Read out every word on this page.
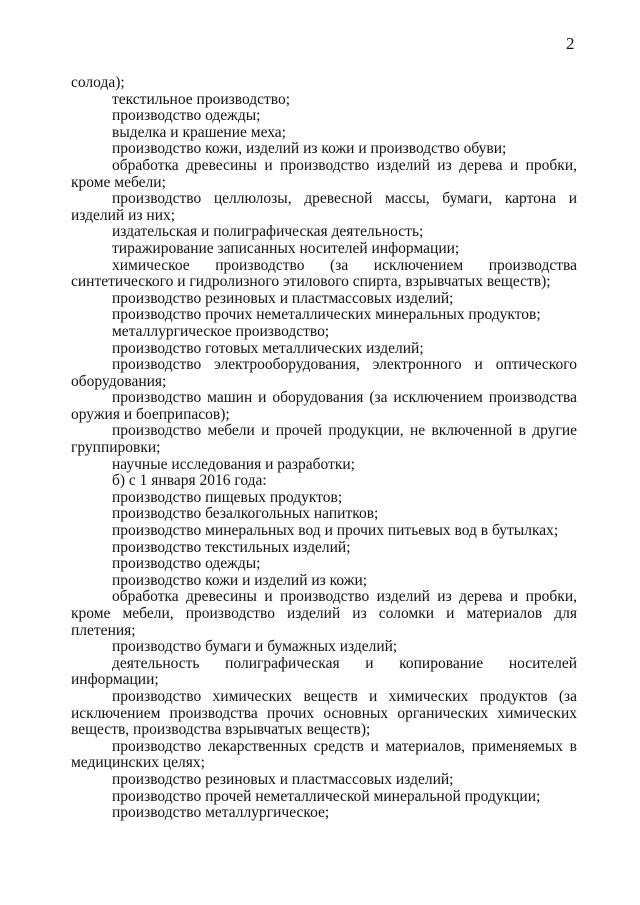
2

солода);

текстильное производство;

производство одежды;

выделка и крашение меха;

производство кожи, изделий из кожи и производство обуви;

обработка древесины и производство изделий из дерева и пробки, кроме мебели;

производство целлюлозы, древесной массы, бумаги, картона и изделий из них;

издательская и полиграфическая деятельность;

тиражирование записанных носителей информации;

химическое производство (за исключением производства синтетического и гидролизного этилового спирта, взрывчатых веществ);

производство резиновых и пластмассовых изделий;

производство прочих неметаллических минеральных продуктов;

металлургическое производство;

производство готовых металлических изделий;

производство электрооборудования, электронного и оптического оборудования;

производство машин и оборудования (за исключением производства оружия и боеприпасов);

производство мебели и прочей продукции, не включенной в другие группировки;

научные исследования и разработки;

б) с 1 января 2016 года:

производство пищевых продуктов;

производство безалкогольных напитков;

производство минеральных вод и прочих питьевых вод в бутылках;

производство текстильных изделий;

производство одежды;

производство кожи и изделий из кожи;

обработка древесины и производство изделий из дерева и пробки, кроме мебели, производство изделий из соломки и материалов для плетения;

производство бумаги и бумажных изделий;

деятельность полиграфическая и копирование носителей информации;

производство химических веществ и химических продуктов (за исключением производства прочих основных органических химических веществ, производства взрывчатых веществ);

производство лекарственных средств и материалов, применяемых в медицинских целях;

производство резиновых и пластмассовых изделий;

производство прочей неметаллической минеральной продукции;

производство металлургическое;
